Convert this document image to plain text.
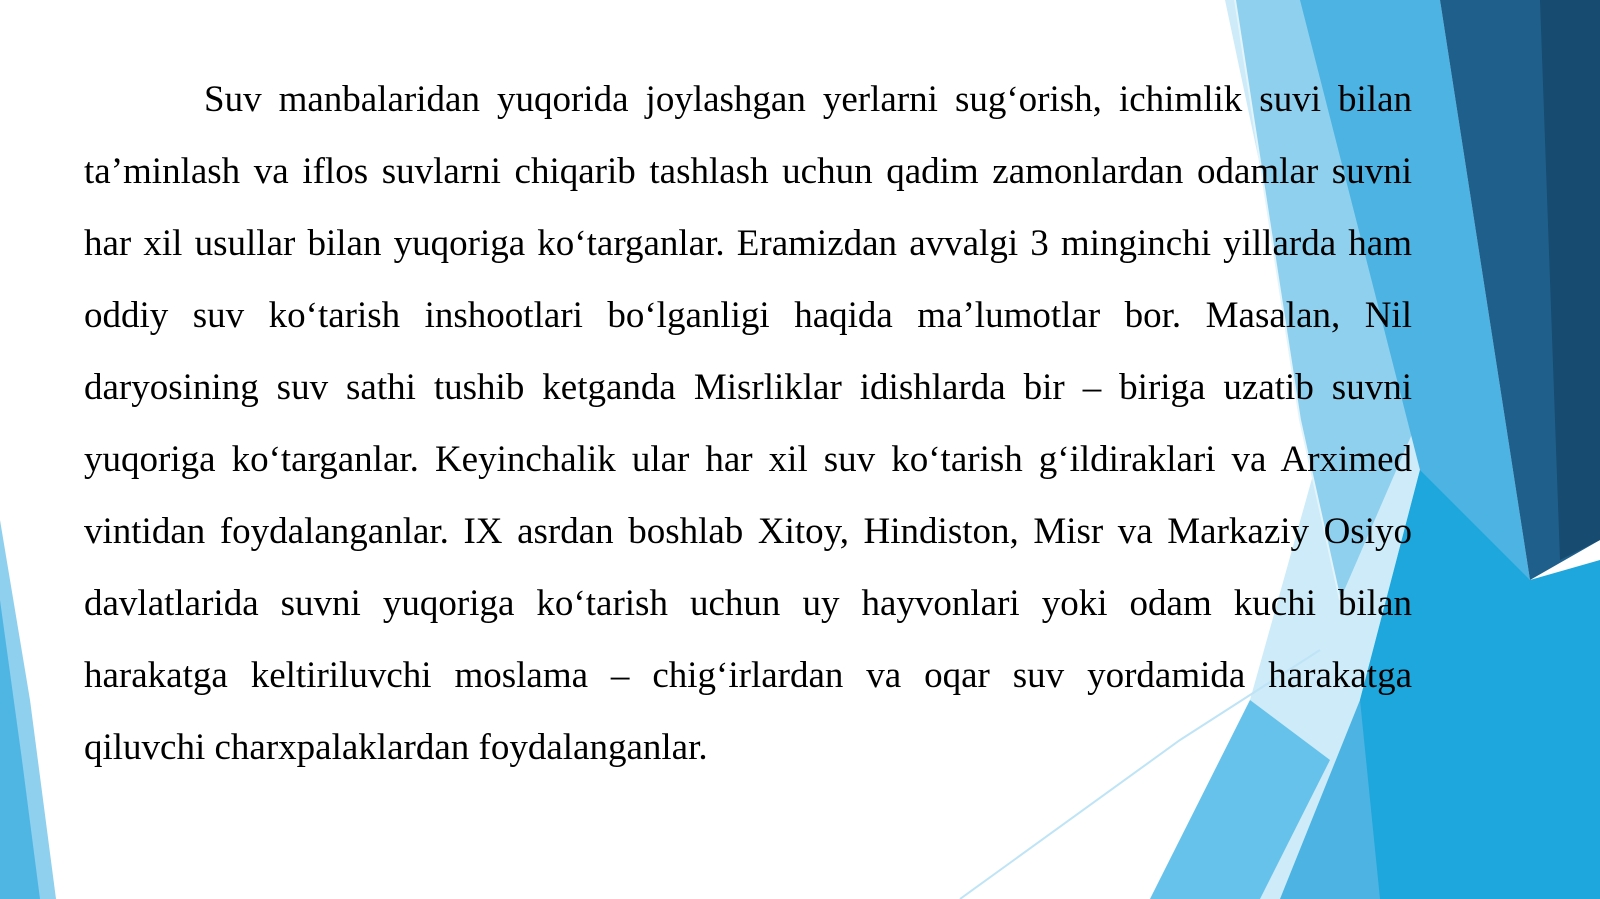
Suv manbalaridan yuqorida joylashgan yerlarni sug‘orish, ichimlik suvi bilan ta’minlash va iflos suvlarni chiqarib tashlash uchun qadim zamonlardan odamlar suvni har xil usullar bilan yuqoriga ko‘targanlar. Eramizdan avvalgi 3 minginchi yillarda ham oddiy suv ko‘tarish inshootlari bo‘lganligi haqida ma’lumotlar bor. Masalan, Nil daryosining suv sathi tushib ketganda Misrliklar idishlarda bir – biriga uzatib suvni yuqoriga ko‘targanlar. Keyinchalik ular har xil suv ko‘tarish g‘ildiraklari va Arximed vintidan foydalanganlar. IX asrdan boshlab Xitoy, Hindiston, Misr va Markaziy Osiyo davlatlarida suvni yuqoriga ko‘tarish uchun uy hayvonlari yoki odam kuchi bilan harakatga keltiriluvchi moslama – chig‘irlardan va oqar suv yordamida harakatga qiluvchi charxpalaklardan foydalanganlar.
